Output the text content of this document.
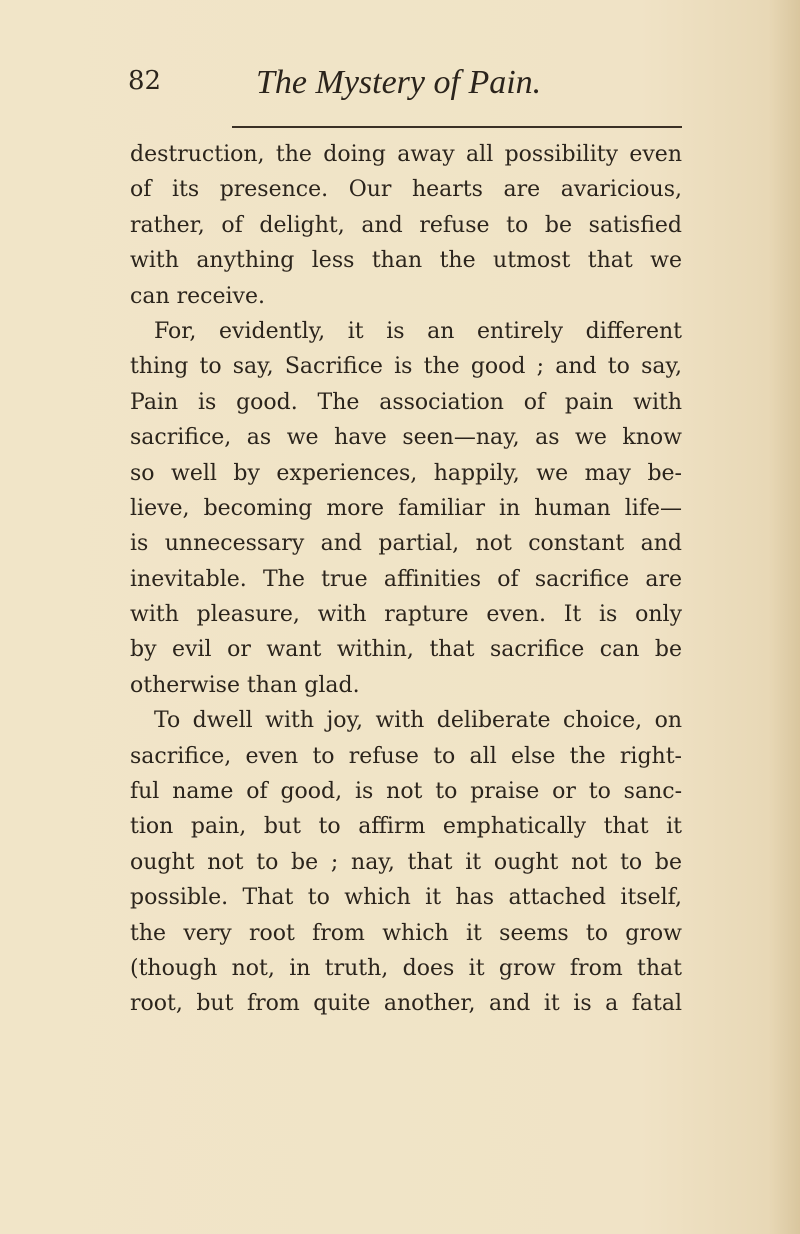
82	The Mystery of Pain.
destruction, the doing away all possibility even
of its presence. Our hearts are avaricious,
rather, of delight, and refuse to be satisfied
with anything less than the utmost that we
can receive.
For, evidently, it is an entirely different
thing to say, Sacrifice is the good ; and to say,
Pain is good. The association of pain with
sacrifice, as we have seen—nay, as we know
so well by experiences, happily, we may be-
lieve, becoming more familiar in human life—
is unnecessary and partial, not constant and
inevitable. The true affinities of sacrifice are
with pleasure, with rapture even. It is only
by evil or want within, that sacrifice can be
otherwise than glad.
To dwell with joy, with deliberate choice, on
sacrifice, even to refuse to all else the right-
ful name of good, is not to praise or to sanc-
tion pain, but to affirm emphatically that it
ought not to be ; nay, that it ought not to be
possible. That to which it has attached itself,
the very root from which it seems to grow
(though not, in truth, does it grow from that
root, but from quite another, and it is a fatal
